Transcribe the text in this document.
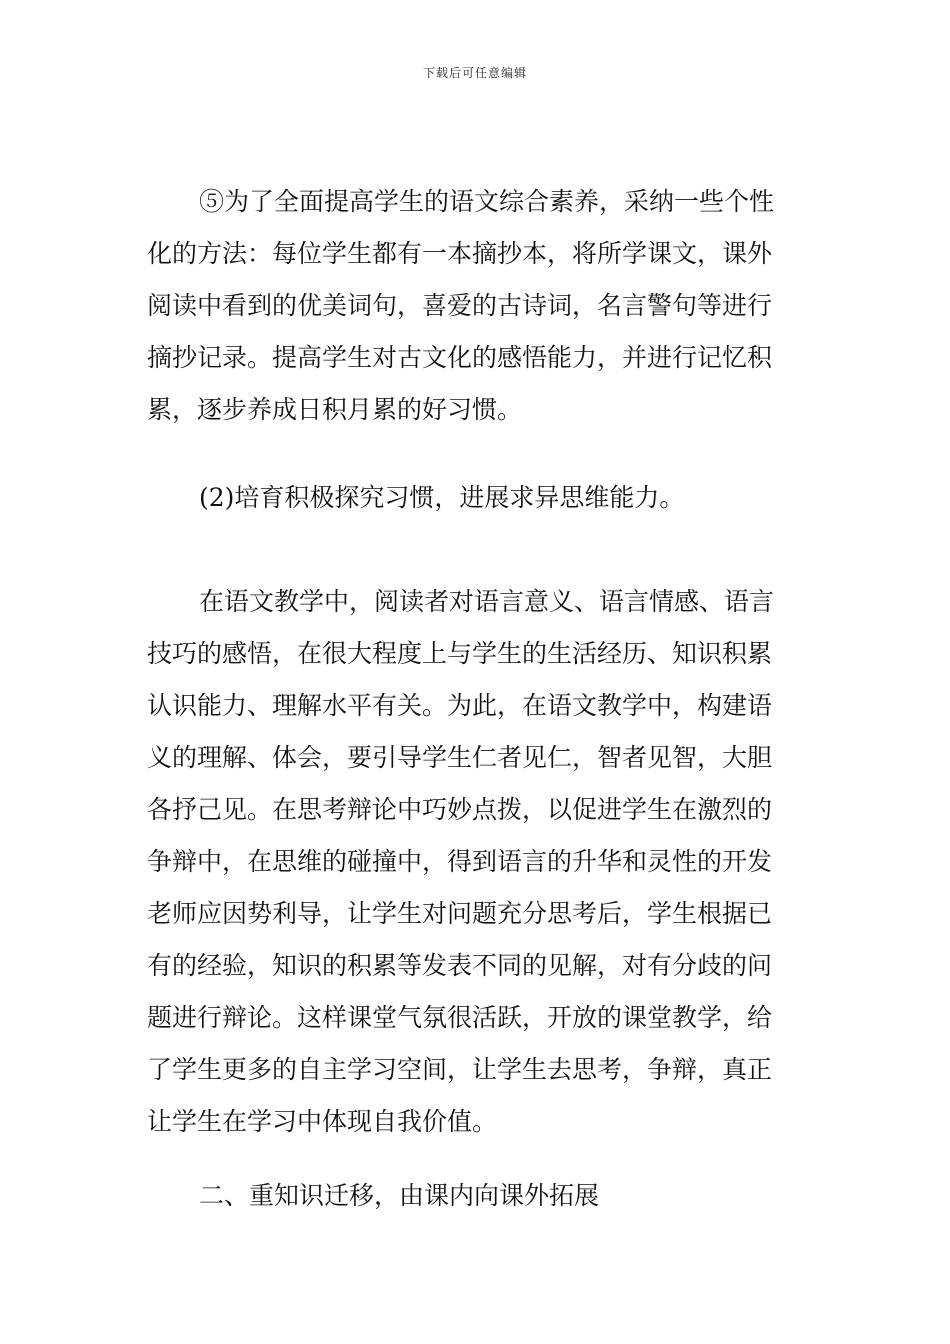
下载后可任意编辑
⑤为了全面提高学生的语文综合素养，采纳一些个性
化的方法：每位学生都有一本摘抄本，将所学课文，课外
阅读中看到的优美词句，喜爱的古诗词，名言警句等进行
摘抄记录。提高学生对古文化的感悟能力，并进行记忆积
累，逐步养成日积月累的好习惯。
(2)培育积极探究习惯，进展求异思维能力。
在语文教学中，阅读者对语言意义、语言情感、语言
技巧的感悟，在很大程度上与学生的生活经历、知识积累
认识能力、理解水平有关。为此，在语文教学中，构建语
义的理解、体会，要引导学生仁者见仁，智者见智，大胆
各抒己见。在思考辩论中巧妙点拨，以促进学生在激烈的
争辩中，在思维的碰撞中，得到语言的升华和灵性的开发
老师应因势利导，让学生对问题充分思考后，学生根据已
有的经验，知识的积累等发表不同的见解，对有分歧的问
题进行辩论。这样课堂气氛很活跃，开放的课堂教学，给
了学生更多的自主学习空间，让学生去思考，争辩，真正
让学生在学习中体现自我价值。
二、重知识迁移，由课内向课外拓展
